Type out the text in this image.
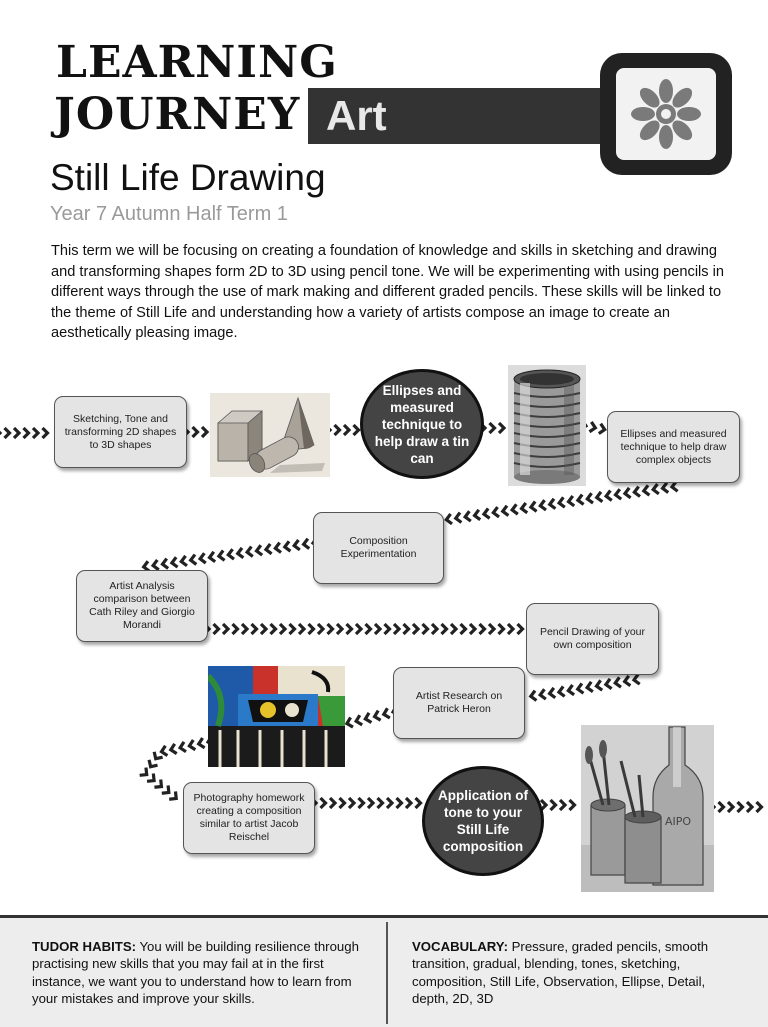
LEARNING
JOURNEY Art
Still Life Drawing
Year 7 Autumn Half Term 1
This term we will be focusing on creating a foundation of knowledge and skills in sketching and drawing and transforming shapes form 2D to 3D using pencil tone. We will be experimenting with using pencils in different ways through the use of mark making and different graded pencils. These skills will be linked to the theme of Still Life and understanding how a variety of artists compose an image to create an aesthetically pleasing image.
Sketching, Tone and transforming 2D shapes to 3D shapes
Ellipses and measured technique to help draw complex objects
Composition Experimentation
Artist Analysis comparison between Cath Riley and Giorgio Morandi
Pencil Drawing of your own composition
Artist Research on Patrick Heron
Photography homework creating a composition similar to artist Jacob Reischel
Ellipses and measured technique to help draw a tin can
Application of tone to your Still Life composition
AIPO
TUDOR HABITS: You will be building resilience through practising new skills that you may fail at in the first instance, we want you to understand how to learn from your mistakes and improve your skills.
VOCABULARY: Pressure, graded pencils, smooth transition, gradual, blending, tones, sketching, composition, Still Life, Observation, Ellipse, Detail, depth, 2D, 3D
